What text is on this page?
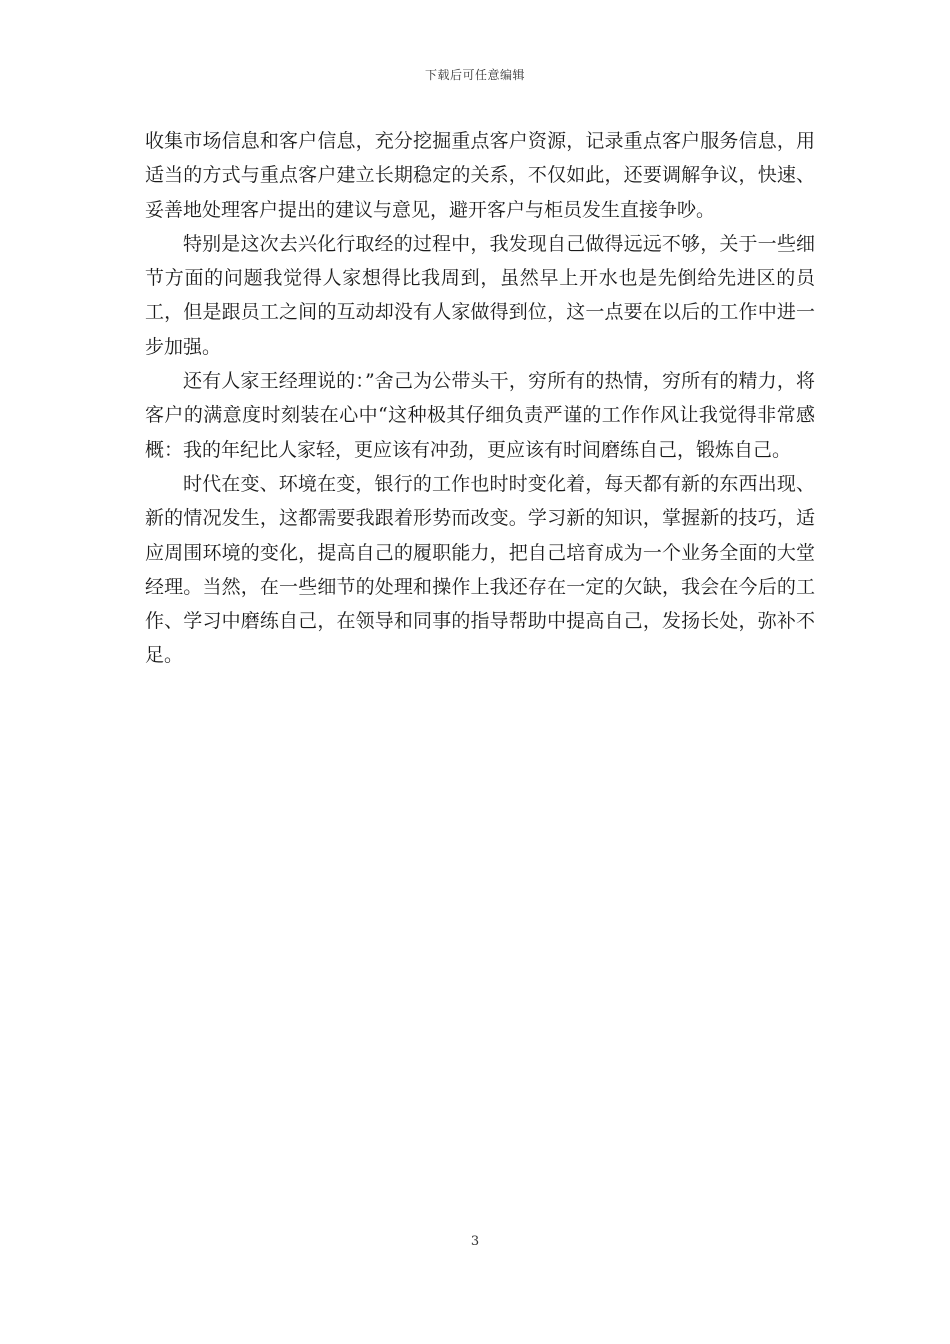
下载后可任意编辑

收集市场信息和客户信息，充分挖掘重点客户资源，记录重点客户服务信息，用适当的方式与重点客户建立长期稳定的关系，不仅如此，还要调解争议，快速、妥善地处理客户提出的建议与意见，避开客户与柜员发生直接争吵。

特别是这次去兴化行取经的过程中，我发现自己做得远远不够，关于一些细节方面的问题我觉得人家想得比我周到，虽然早上开水也是先倒给先进区的员工，但是跟员工之间的互动却没有人家做得到位，这一点要在以后的工作中进一步加强。

还有人家王经理说的：”舍己为公带头干，穷所有的热情，穷所有的精力，将客户的满意度时刻装在心中“这种极其仔细负责严谨的工作作风让我觉得非常感概：我的年纪比人家轻，更应该有冲劲，更应该有时间磨练自己，锻炼自己。

时代在变、环境在变，银行的工作也时时变化着，每天都有新的东西出现、新的情况发生，这都需要我跟着形势而改变。学习新的知识，掌握新的技巧，适应周围环境的变化，提高自己的履职能力，把自己培育成为一个业务全面的大堂经理。当然，在一些细节的处理和操作上我还存在一定的欠缺，我会在今后的工作、学习中磨练自己，在领导和同事的指导帮助中提高自己，发扬长处，弥补不足。

3
